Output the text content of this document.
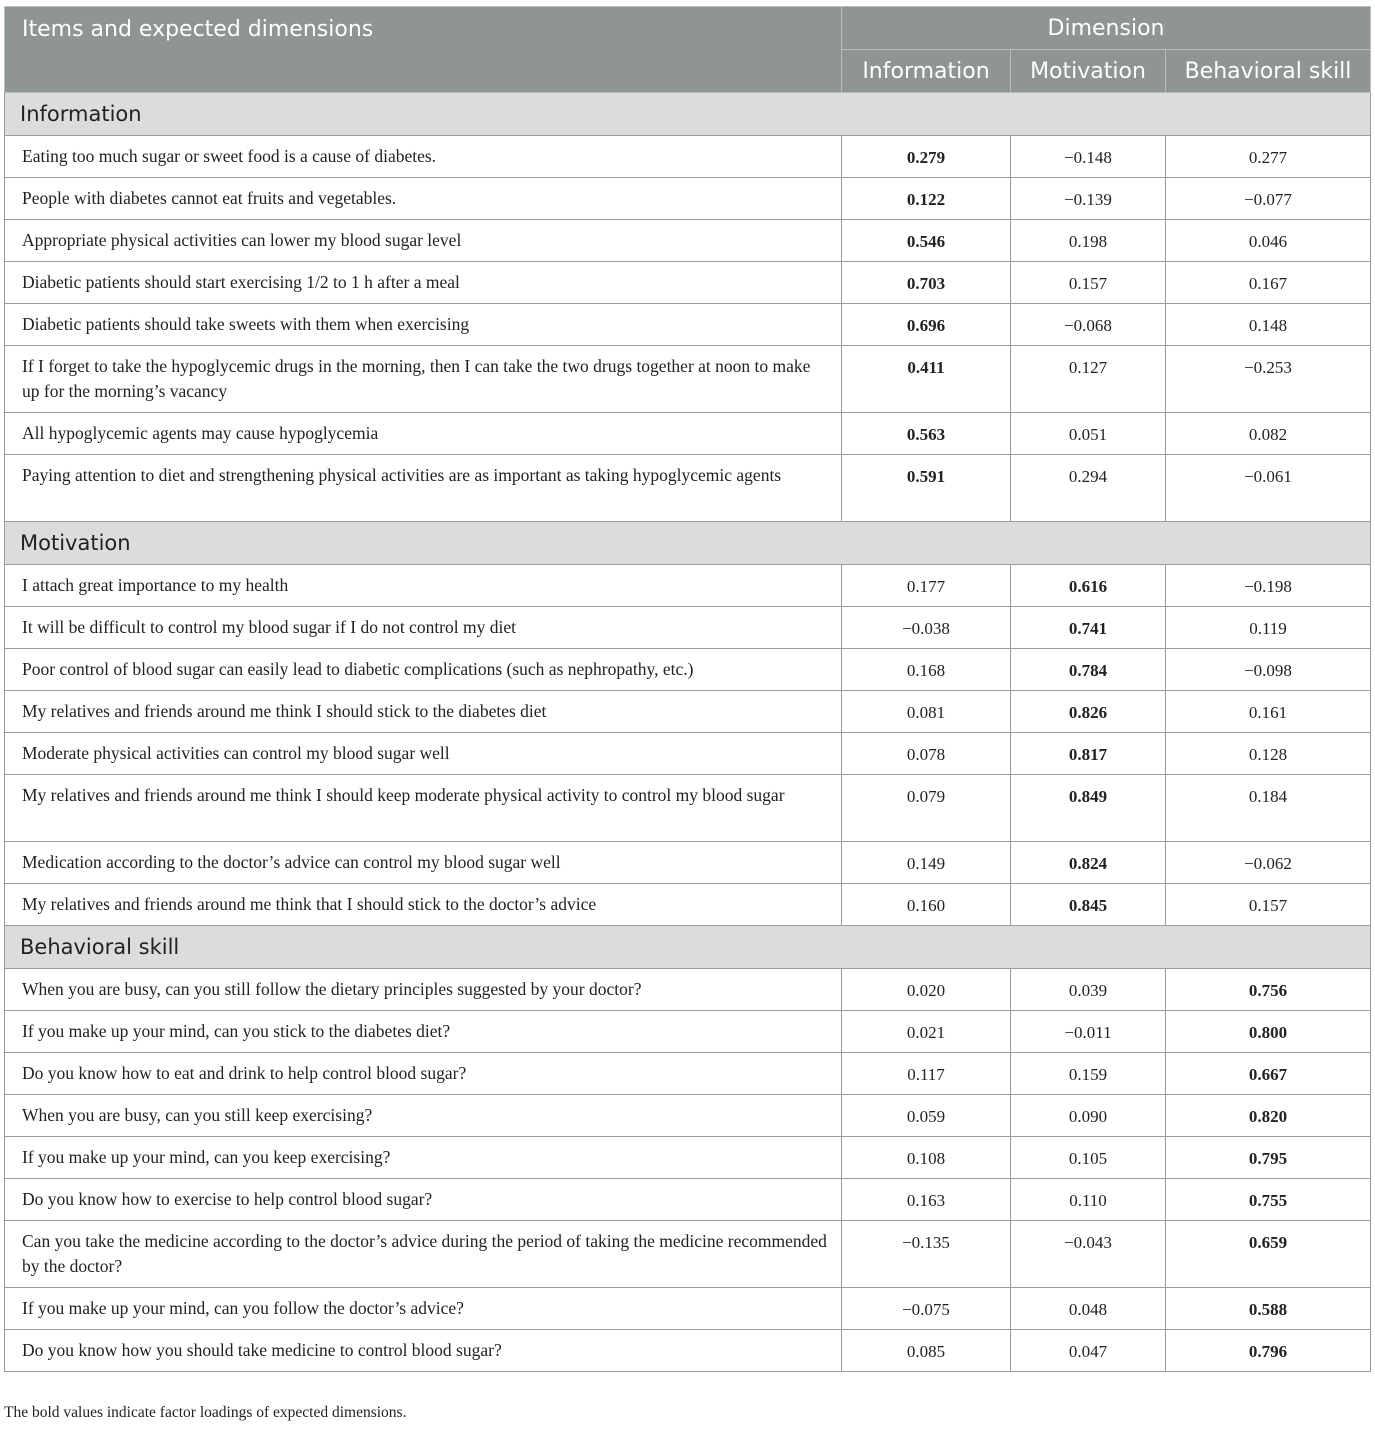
Items and expected dimensions	Dimension		
	Information	Motivation	Behavioral skill
Information			
Eating too much sugar or sweet food is a cause of diabetes.	0.279	−0.148	0.277
People with diabetes cannot eat fruits and vegetables.	0.122	−0.139	−0.077
Appropriate physical activities can lower my blood sugar level	0.546	0.198	0.046
Diabetic patients should start exercising 1/2 to 1 h after a meal	0.703	0.157	0.167
Diabetic patients should take sweets with them when exercising	0.696	−0.068	0.148
If I forget to take the hypoglycemic drugs in the morning, then I can take the two drugs together at noon to make up for the morning’s vacancy	0.411	0.127	−0.253
All hypoglycemic agents may cause hypoglycemia	0.563	0.051	0.082
Paying attention to diet and strengthening physical activities are as important as taking hypoglycemic agents	0.591	0.294	−0.061
Motivation			
I attach great importance to my health	0.177	0.616	−0.198
It will be difficult to control my blood sugar if I do not control my diet	−0.038	0.741	0.119
Poor control of blood sugar can easily lead to diabetic complications (such as nephropathy, etc.)	0.168	0.784	−0.098
My relatives and friends around me think I should stick to the diabetes diet	0.081	0.826	0.161
Moderate physical activities can control my blood sugar well	0.078	0.817	0.128
My relatives and friends around me think I should keep moderate physical activity to control my blood sugar	0.079	0.849	0.184
Medication according to the doctor’s advice can control my blood sugar well	0.149	0.824	−0.062
My relatives and friends around me think that I should stick to the doctor’s advice	0.160	0.845	0.157
Behavioral skill			
When you are busy, can you still follow the dietary principles suggested by your doctor?	0.020	0.039	0.756
If you make up your mind, can you stick to the diabetes diet?	0.021	−0.011	0.800
Do you know how to eat and drink to help control blood sugar?	0.117	0.159	0.667
When you are busy, can you still keep exercising?	0.059	0.090	0.820
If you make up your mind, can you keep exercising?	0.108	0.105	0.795
Do you know how to exercise to help control blood sugar?	0.163	0.110	0.755
Can you take the medicine according to the doctor’s advice during the period of taking the medicine recommended by the doctor?	−0.135	−0.043	0.659
If you make up your mind, can you follow the doctor’s advice?	−0.075	0.048	0.588
Do you know how you should take medicine to control blood sugar?	0.085	0.047	0.796
The bold values indicate factor loadings of expected dimensions.
